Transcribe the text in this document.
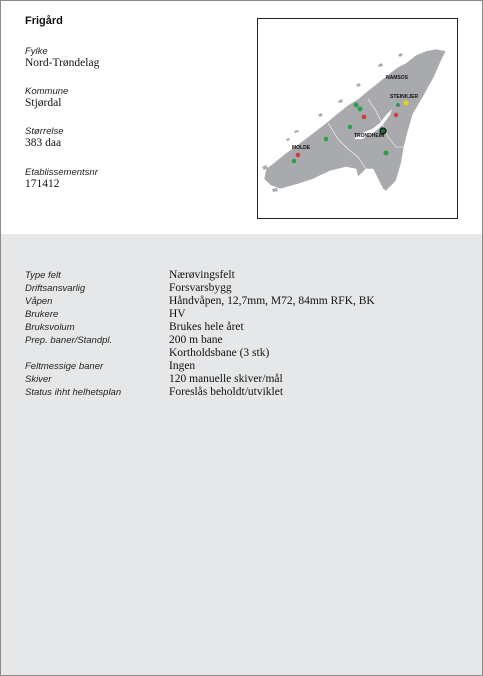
Frigård
Fylke
Nord-Trøndelag
Kommune
Stjørdal
Størrelse
383 daa
Etablissementsnr
171412
NAMSOS
STEINKJER
TRONDHEIM
MOLDE
Type felt	Nærøvingsfelt
Driftsansvarlig	Forsvarsbygg
Våpen	Håndvåpen, 12,7mm, M72, 84mm RFK, BK
Brukere	HV
Bruksvolum	Brukes hele året
Prep. baner/Standpl.	200 m bane
Kortholdsbane (3 stk)
Feltmessige baner	Ingen
Skiver	120 manuelle skiver/mål
Status ihht helhetsplan	Foreslås beholdt/utviklet
